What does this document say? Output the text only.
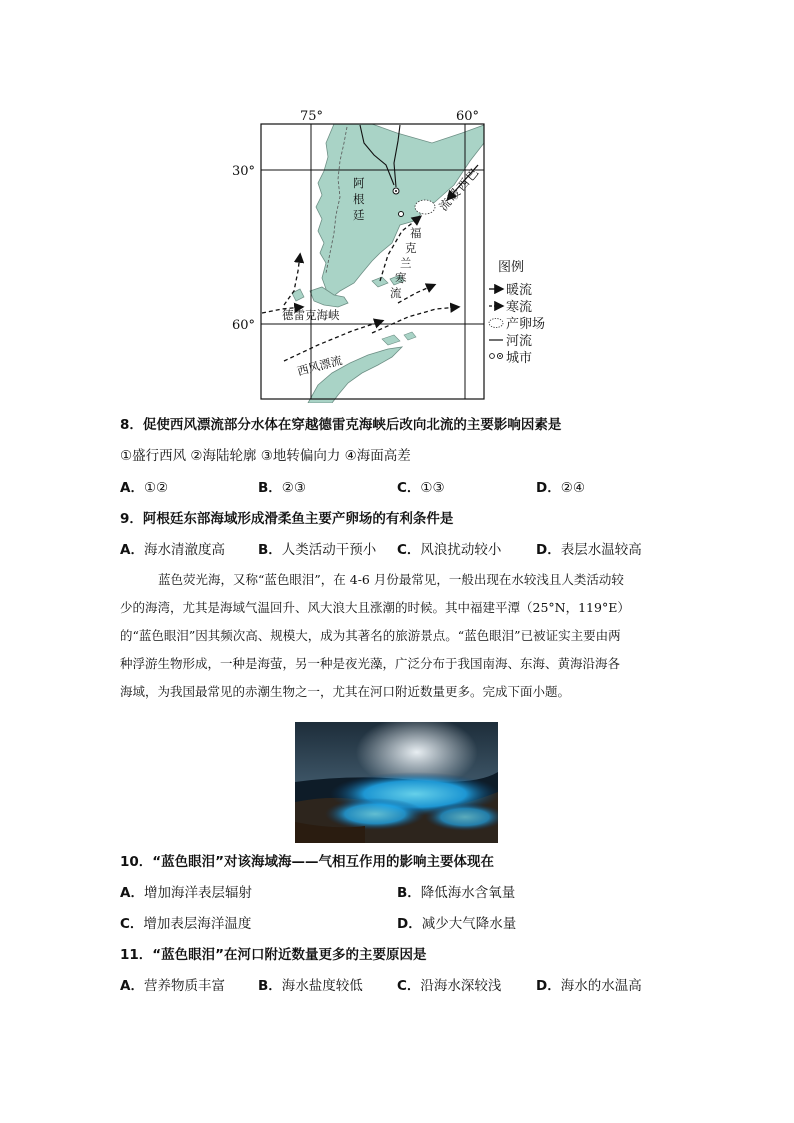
75°	60°
30°
60°
阿
根
廷
巴
西
暖
流
福
克
兰
寒
流
德雷克海峡
西风漂流
图例
暖流
寒流
产卵场
河流
城市
8．促使西风漂流部分水体在穿越德雷克海峡后改向北流的主要影响因素是
①盛行西风 ②海陆轮廓 ③地转偏向力 ④海面高差
A．①②	B．②③	C．①③	D．②④
9．阿根廷东部海域形成滑柔鱼主要产卵场的有利条件是
A．海水清澈度高 B．人类活动干预小 C．风浪扰动较小	D．表层水温较高
蓝色荧光海，又称“蓝色眼泪”，在 4-6 月份最常见，一般出现在水较浅且人类活动较
少的海湾，尤其是海域气温回升、风大浪大且涨潮的时候。其中福建平潭（25°N，119°E）
的“蓝色眼泪”因其频次高、规模大，成为其著名的旅游景点。“蓝色眼泪”已被证实主要由两
种浮游生物形成，一种是海萤，另一种是夜光藻，广泛分布于我国南海、东海、黄海沿海各
海域，为我国最常见的赤潮生物之一，尤其在河口附近数量更多。完成下面小题。
10．“蓝色眼泪”对该海域海——气相互作用的影响主要体现在
A．增加海洋表层辐射	B．降低海水含氧量
C．增加表层海洋温度	D．减少大气降水量
11．“蓝色眼泪”在河口附近数量更多的主要原因是
A．营养物质丰富 B．海水盐度较低	C．沿海水深较浅	D．海水的水温高
